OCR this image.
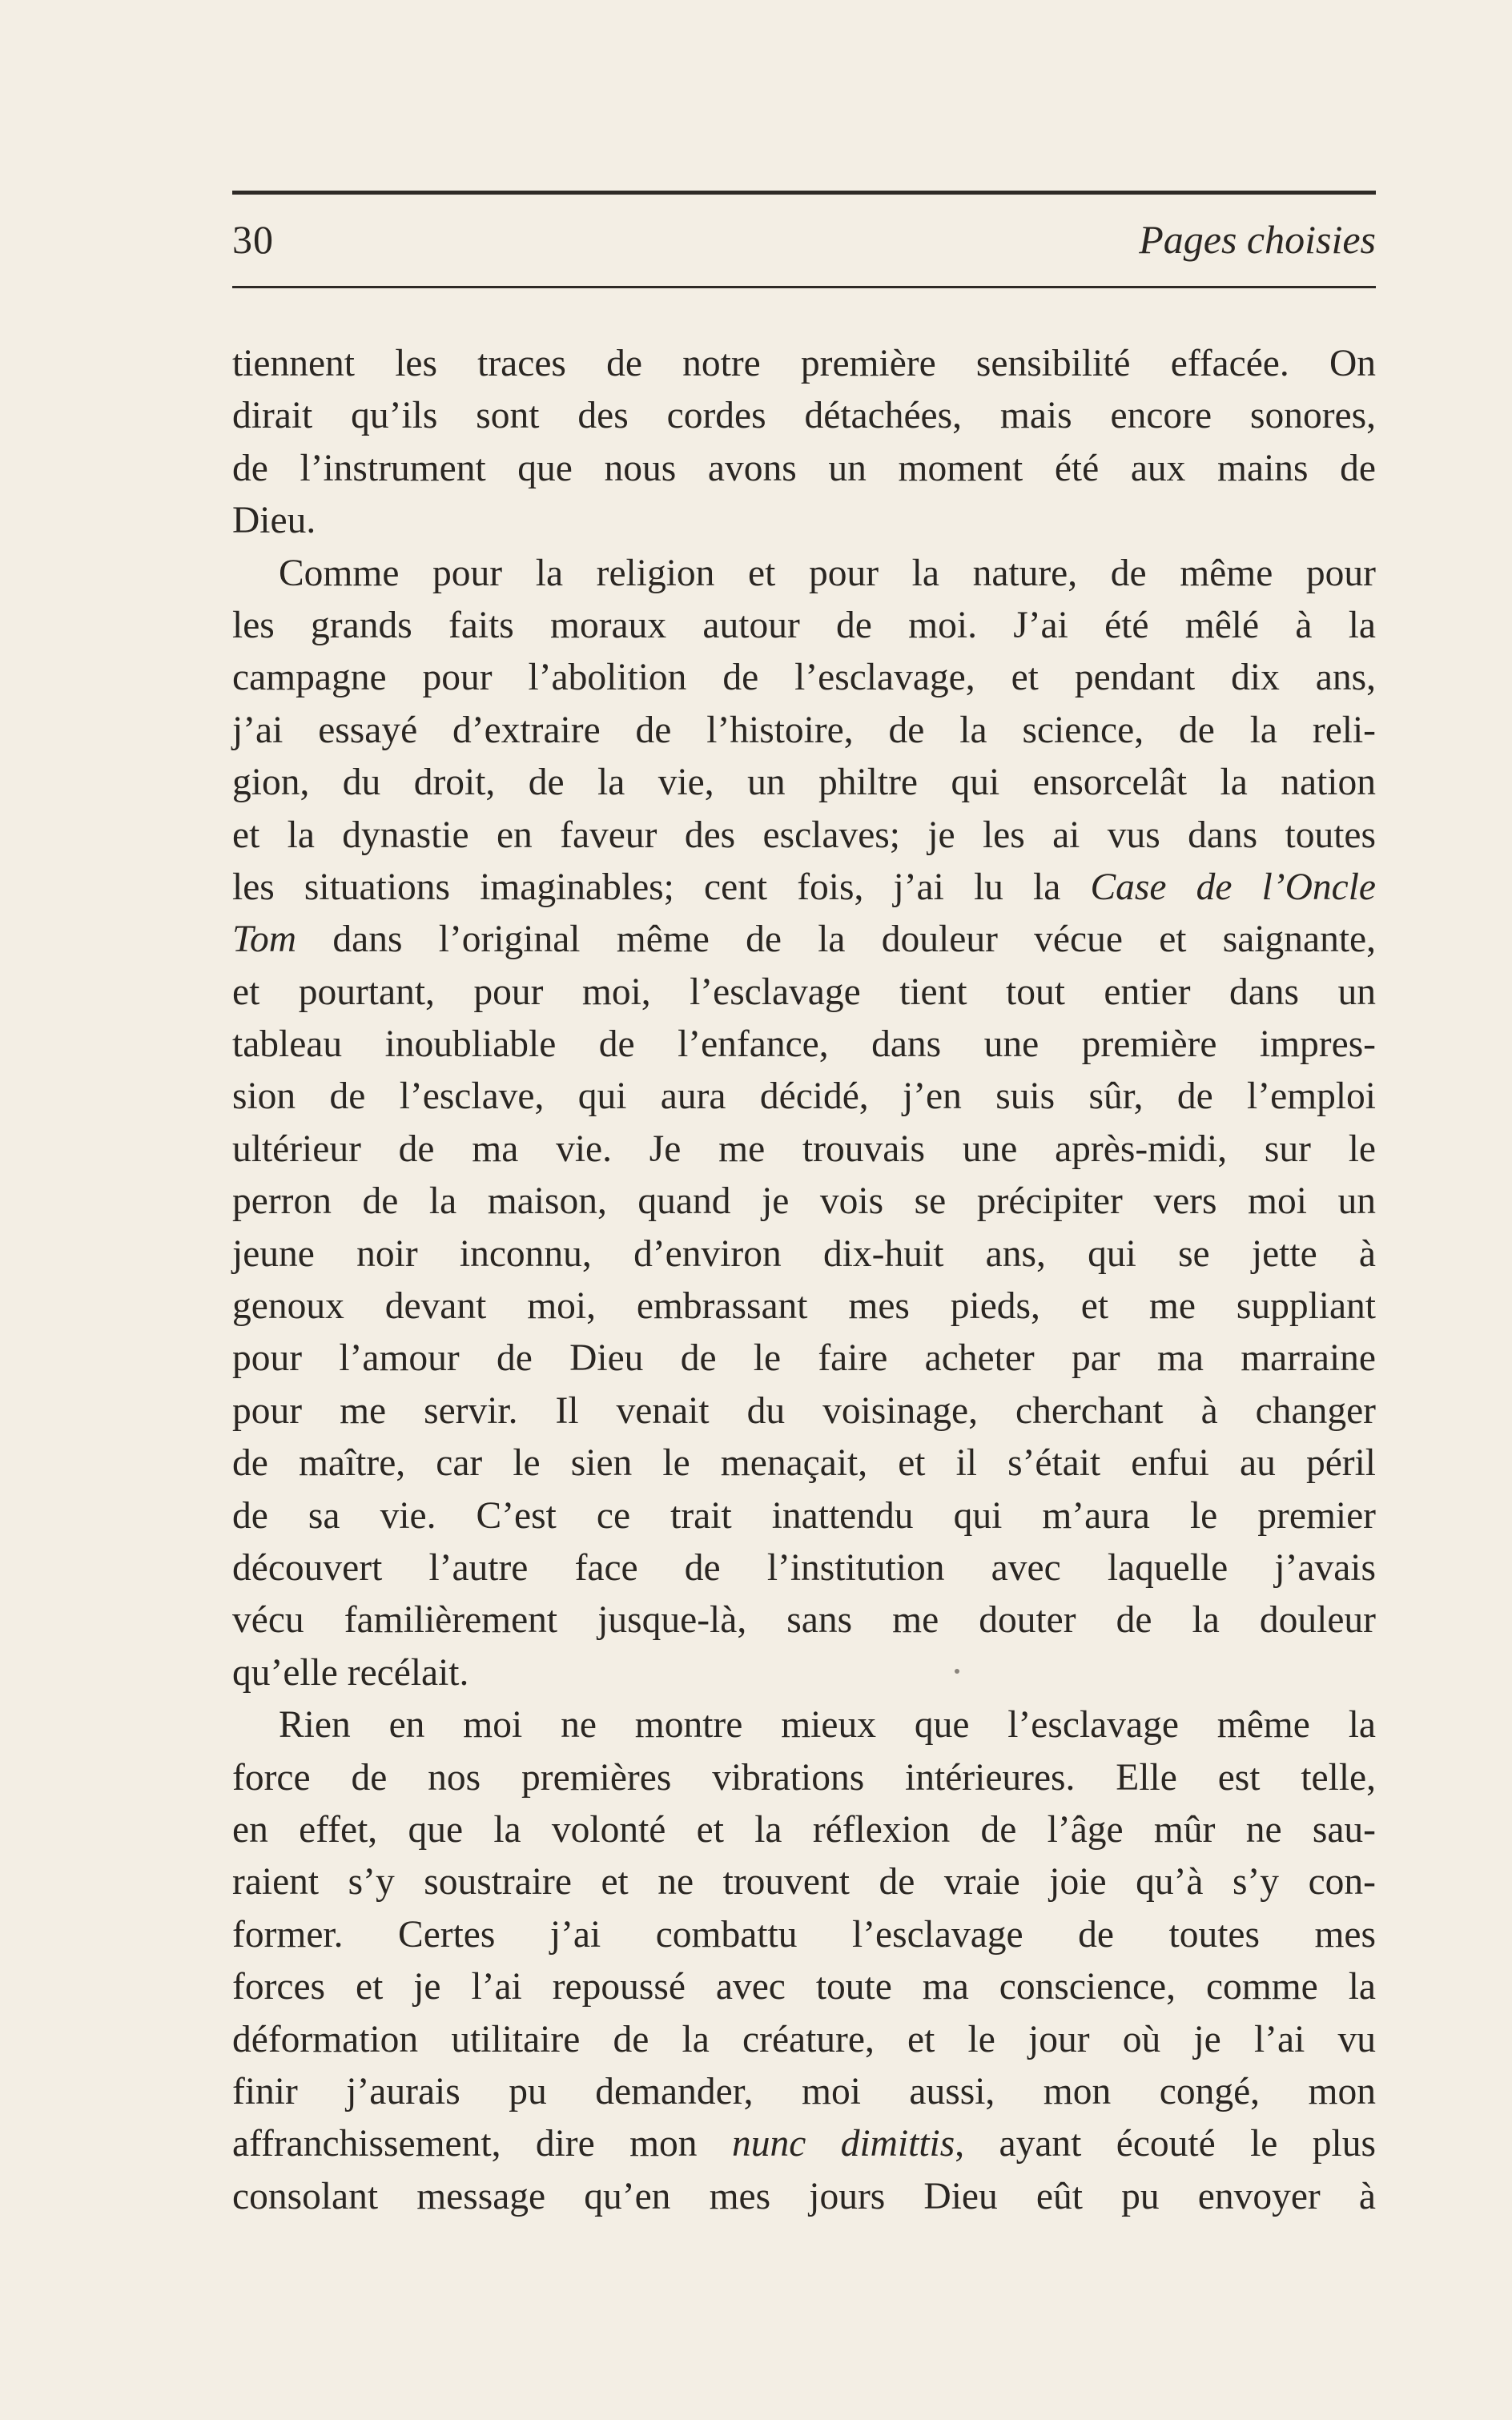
30	Pages choisies
tiennent les traces de notre première sensibilité effacée. On
dirait qu’ils sont des cordes détachées, mais encore sonores,
de l’instrument que nous avons un moment été aux mains de
Dieu.
Comme pour la religion et pour la nature, de même pour
les grands faits moraux autour de moi. J’ai été mêlé à la
campagne pour l’abolition de l’esclavage, et pendant dix ans,
j’ai essayé d’extraire de l’histoire, de la science, de la reli-
gion, du droit, de la vie, un philtre qui ensorcelât la nation
et la dynastie en faveur des esclaves; je les ai vus dans toutes
les situations imaginables; cent fois, j’ai lu la Case de l’Oncle
Tom dans l’original même de la douleur vécue et saignante,
et pourtant, pour moi, l’esclavage tient tout entier dans un
tableau inoubliable de l’enfance, dans une première impres-
sion de l’esclave, qui aura décidé, j’en suis sûr, de l’emploi
ultérieur de ma vie. Je me trouvais une après-midi, sur le
perron de la maison, quand je vois se précipiter vers moi un
jeune noir inconnu, d’environ dix-huit ans, qui se jette à
genoux devant moi, embrassant mes pieds, et me suppliant
pour l’amour de Dieu de le faire acheter par ma marraine
pour me servir. Il venait du voisinage, cherchant à changer
de maître, car le sien le menaçait, et il s’était enfui au péril
de sa vie. C’est ce trait inattendu qui m’aura le premier
découvert l’autre face de l’institution avec laquelle j’avais
vécu familièrement jusque-là, sans me douter de la douleur
qu’elle recélait.
Rien en moi ne montre mieux que l’esclavage même la
force de nos premières vibrations intérieures. Elle est telle,
en effet, que la volonté et la réflexion de l’âge mûr ne sau-
raient s’y soustraire et ne trouvent de vraie joie qu’à s’y con-
former. Certes j’ai combattu l’esclavage de toutes mes
forces et je l’ai repoussé avec toute ma conscience, comme la
déformation utilitaire de la créature, et le jour où je l’ai vu
finir j’aurais pu demander, moi aussi, mon congé, mon
affranchissement, dire mon nunc dimittis, ayant écouté le plus
consolant message qu’en mes jours Dieu eût pu envoyer à
